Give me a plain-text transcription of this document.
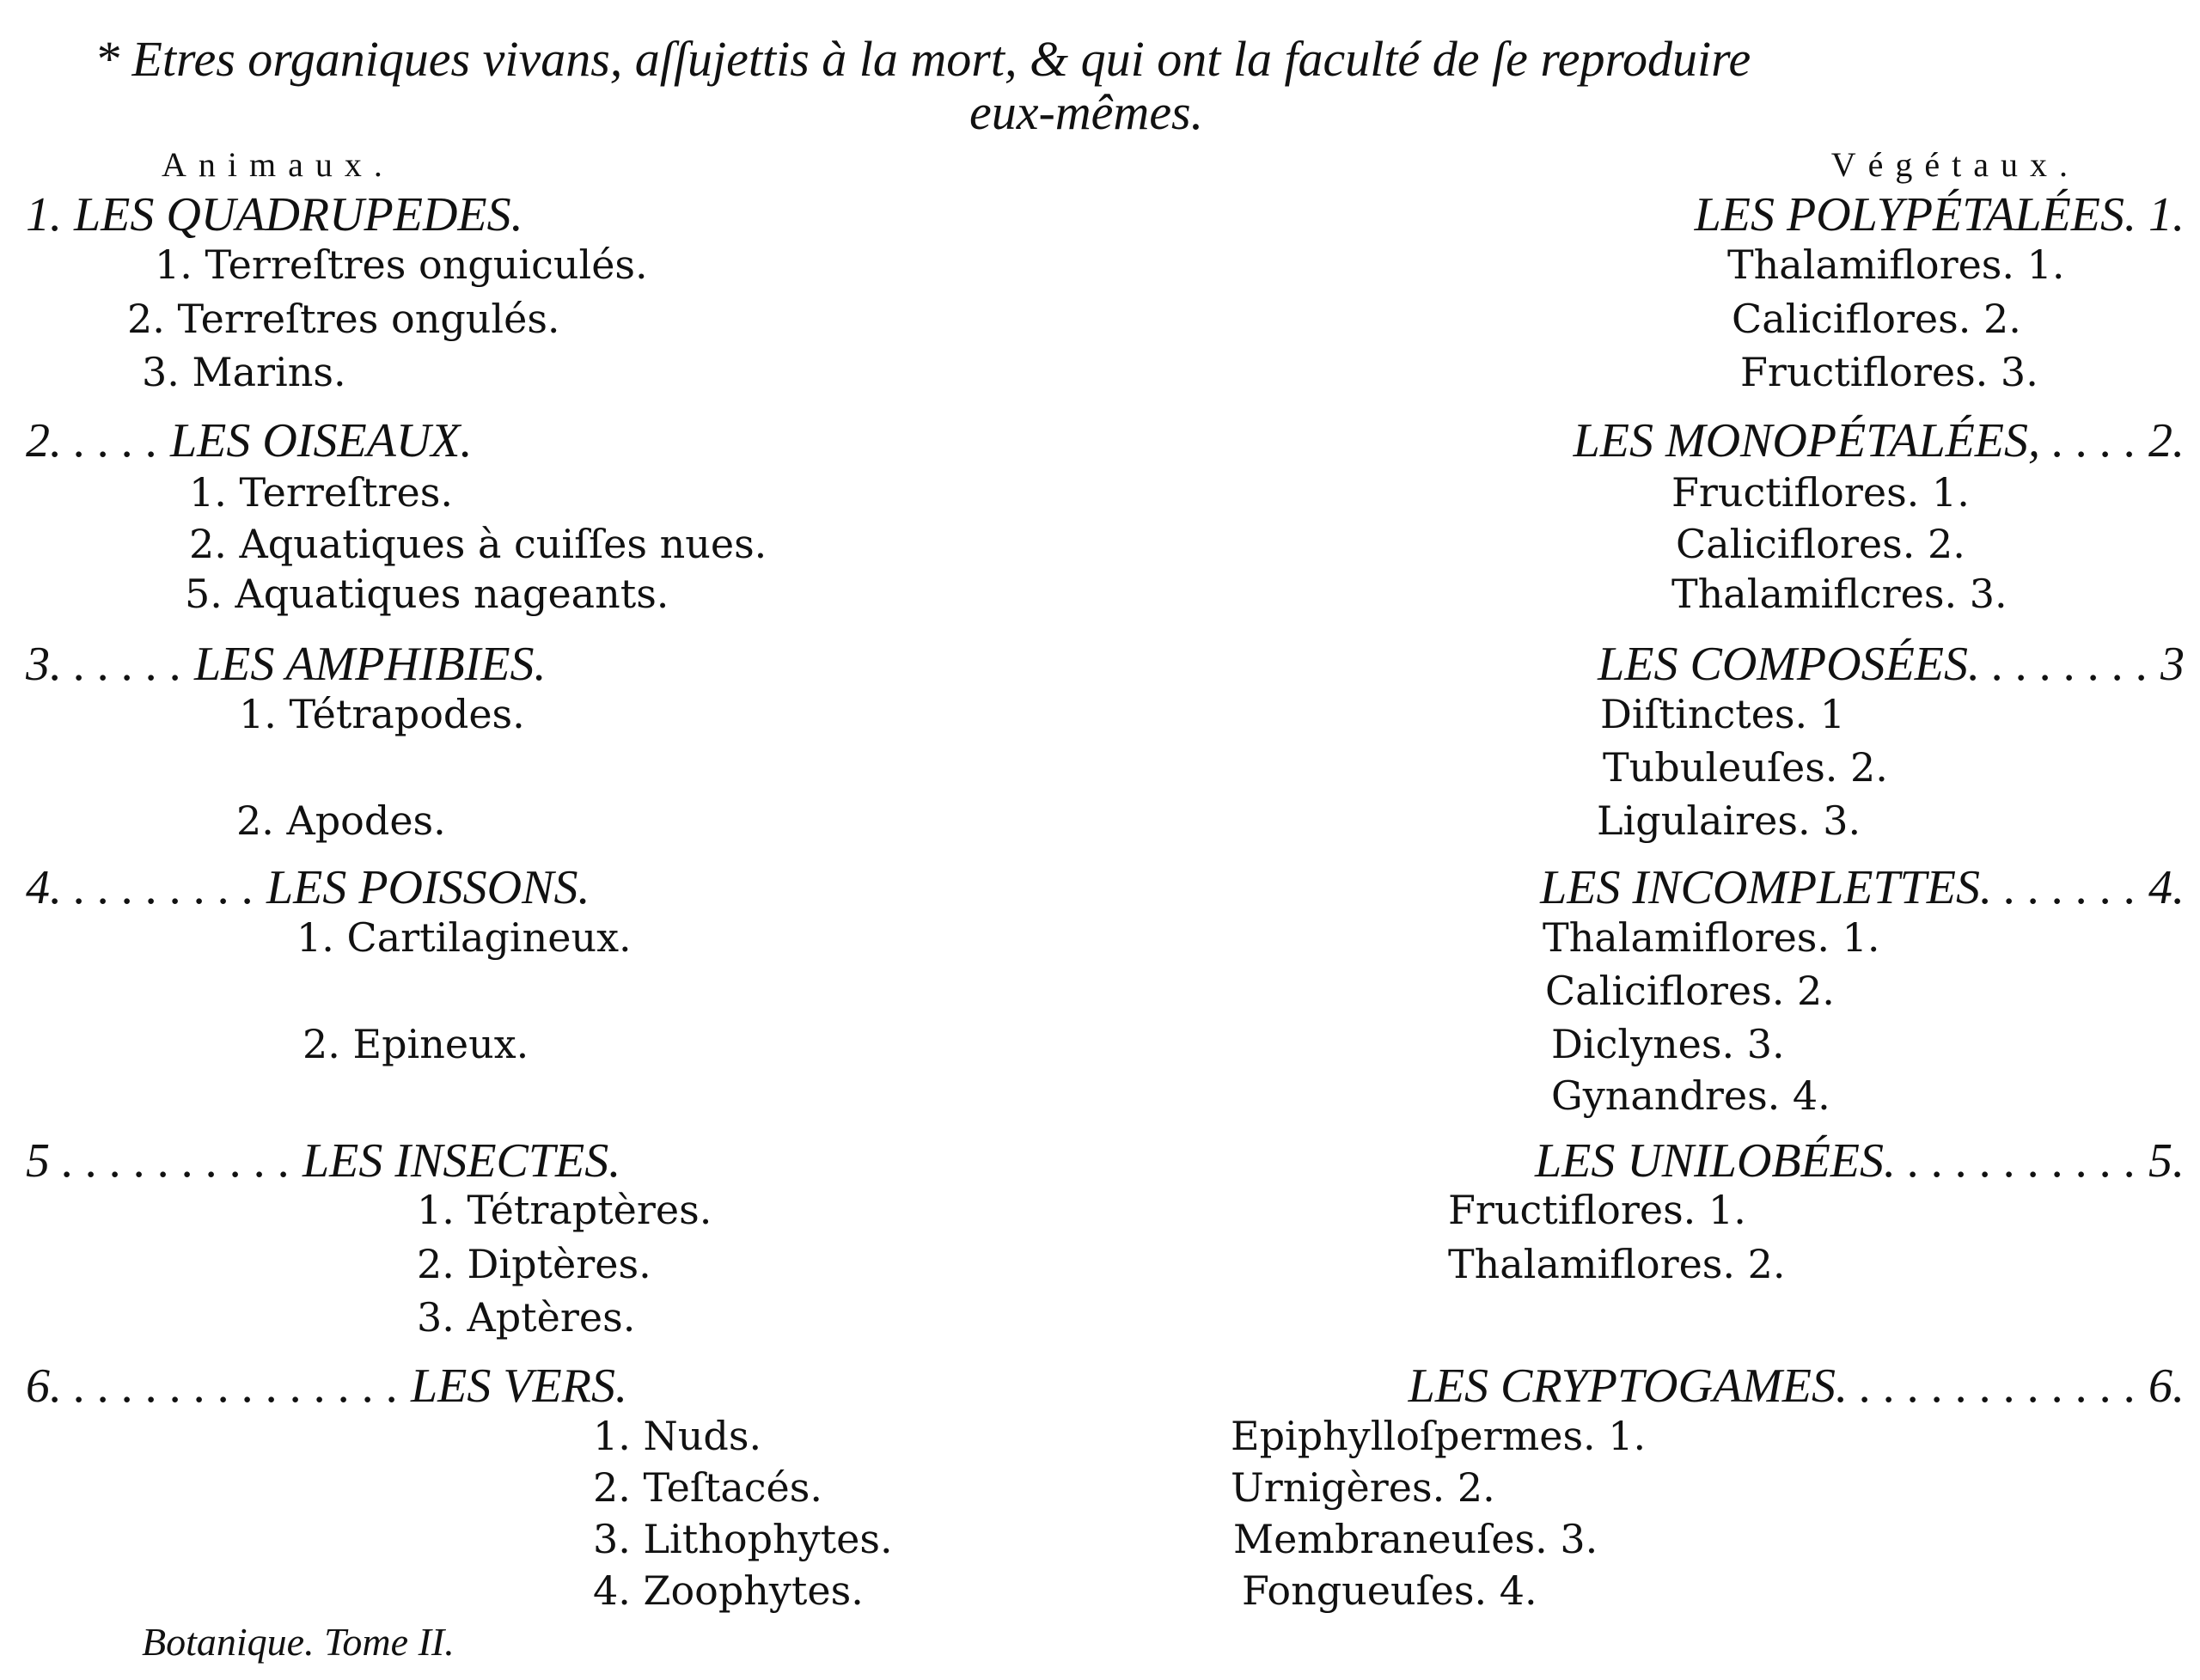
* Etres organiques vivans, aſſujettis à la mort, & qui ont la faculté de ſe reproduire
eux-mêmes.
Animaux.	Végétaux.
1. LES QUADRUPEDES.
1. Terreſtres onguiculés.
2. Terreſtres ongulés.
3. Marins.
2. . . . . LES OISEAUX.
1. Terreſtres.
2. Aquatiques à cuiſſes nues.
5. Aquatiques nageants.
3. . . . . . LES AMPHIBIES.
1. Tétrapodes.
2. Apodes.
4. . . . . . . . . LES POISSONS.
1. Cartilagineux.
2. Epineux.
5 . . . . . . . . . . LES INSECTES.
1. Tétraptères.
2. Diptères.
3. Aptères.
6. . . . . . . . . . . . . . . LES VERS.
1. Nuds.
2. Teſtacés.
3. Lithophytes.
4. Zoophytes.
LES POLYPÉTALÉES. 1.
Thalamiflores. 1.
Caliciflores. 2.
Fructiflores. 3.
LES MONOPÉTALÉES, . . . . 2.
Fructiflores. 1.
Caliciflores. 2.
Thalamiflcres. 3.
LES COMPOSÉES. . . . . . . . 3
Diſtinctes. 1
Tubuleuſes. 2.
Ligulaires. 3.
LES INCOMPLETTES. . . . . . . 4.
Thalamiflores. 1.
Caliciflores. 2.
Diclynes. 3.
Gynandres. 4.
LES UNILOBÉES. . . . . . . . . . . 5.
Fructiflores. 1.
Thalamiflores. 2.
LES CRYPTOGAMES. . . . . . . . . . . . . 6.
Epiphylloſpermes. 1.
Urnigères. 2.
Membraneuſes. 3.
Fongueuſes. 4.
Botanique. Tome II.
